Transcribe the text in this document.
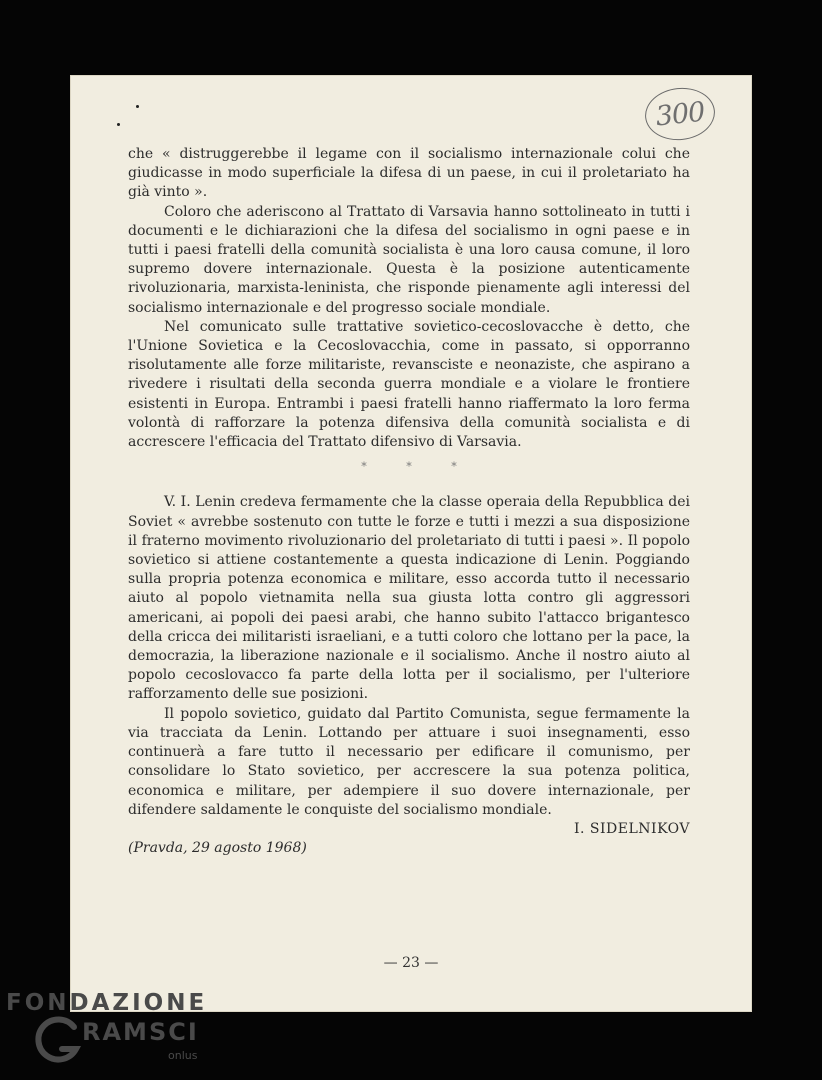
300

che « distruggerebbe il legame con il socialismo internazionale colui che giudicasse in modo superficiale la difesa di un paese, in cui il proletariato ha già vinto ».

Coloro che aderiscono al Trattato di Varsavia hanno sottolineato in tutti i documenti e le dichiarazioni che la difesa del socialismo in ogni paese e in tutti i paesi fratelli della comunità socialista è una loro causa comune, il loro supremo dovere internazionale. Questa è la posizione autenticamente rivoluzionaria, marxista-leninista, che risponde pienamente agli interessi del socialismo internazionale e del progresso sociale mondiale.

Nel comunicato sulle trattative sovietico-cecoslovacche è detto, che l'Unione Sovietica e la Cecoslovacchia, come in passato, si opporranno risolutamente alle forze militariste, revansciste e neonaziste, che aspirano a rivedere i risultati della seconda guerra mondiale e a violare le frontiere esistenti in Europa. Entrambi i paesi fratelli hanno riaffermato la loro ferma volontà di rafforzare la potenza difensiva della comunità socialista e di accrescere l'efficacia del Trattato difensivo di Varsavia.

* * *

V. I. Lenin credeva fermamente che la classe operaia della Repubblica dei Soviet « avrebbe sostenuto con tutte le forze e tutti i mezzi a sua disposizione il fraterno movimento rivoluzionario del proletariato di tutti i paesi ». Il popolo sovietico si attiene costantemente a questa indicazione di Lenin. Poggiando sulla propria potenza economica e militare, esso accorda tutto il necessario aiuto al popolo vietnamita nella sua giusta lotta contro gli aggressori americani, ai popoli dei paesi arabi, che hanno subito l'attacco brigantesco della cricca dei militaristi israeliani, e a tutti coloro che lottano per la pace, la democrazia, la liberazione nazionale e il socialismo. Anche il nostro aiuto al popolo cecoslovacco fa parte della lotta per il socialismo, per l'ulteriore rafforzamento delle sue posizioni.

Il popolo sovietico, guidato dal Partito Comunista, segue fermamente la via tracciata da Lenin. Lottando per attuare i suoi insegnamenti, esso continuerà a fare tutto il necessario per edificare il comunismo, per consolidare lo Stato sovietico, per accrescere la sua potenza politica, economica e militare, per adempiere il suo dovere internazionale, per difendere saldamente le conquiste del socialismo mondiale.

I. SIDELNIKOV
(Pravda, 29 agosto 1968)
— 23 —
FONDAZIONE
RAMSCI
onlus
